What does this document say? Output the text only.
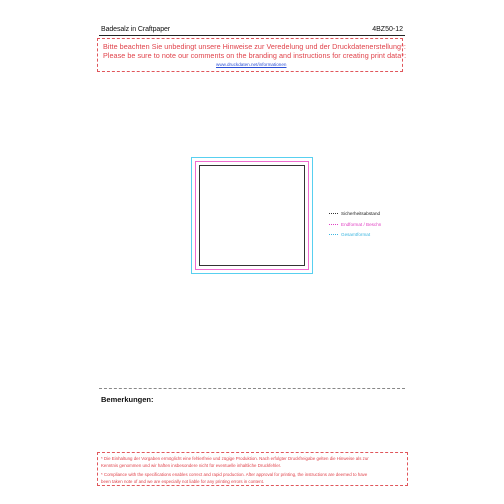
Badesalz in Craftpaper	4BZ50-12
Bitte beachten Sie unbedingt unsere Hinweise zur Veredelung und der Druckdatenerstellung*:
Please be sure to note our comments on the branding and instructions for creating print data*:
www.druckdaten.net/informationen
Sicherheitsabstand
Endformat / Beschn
Gesamtformat
Bemerkungen:
* Die Einhaltung der Vorgaben ermöglicht eine fehlerfreie und zügige Produktion. Nach erfolgter Druckfreigabe gelten die Hinweise als zur
Kenntnis genommen und wir haften insbesondere nicht für eventuelle inhaltliche Druckfehler.
* Compliance with the specifications enables correct and rapid production. After approval for printing, the instructions are deemed to have
been taken note of and we are especially not liable for any printing errors in content.
